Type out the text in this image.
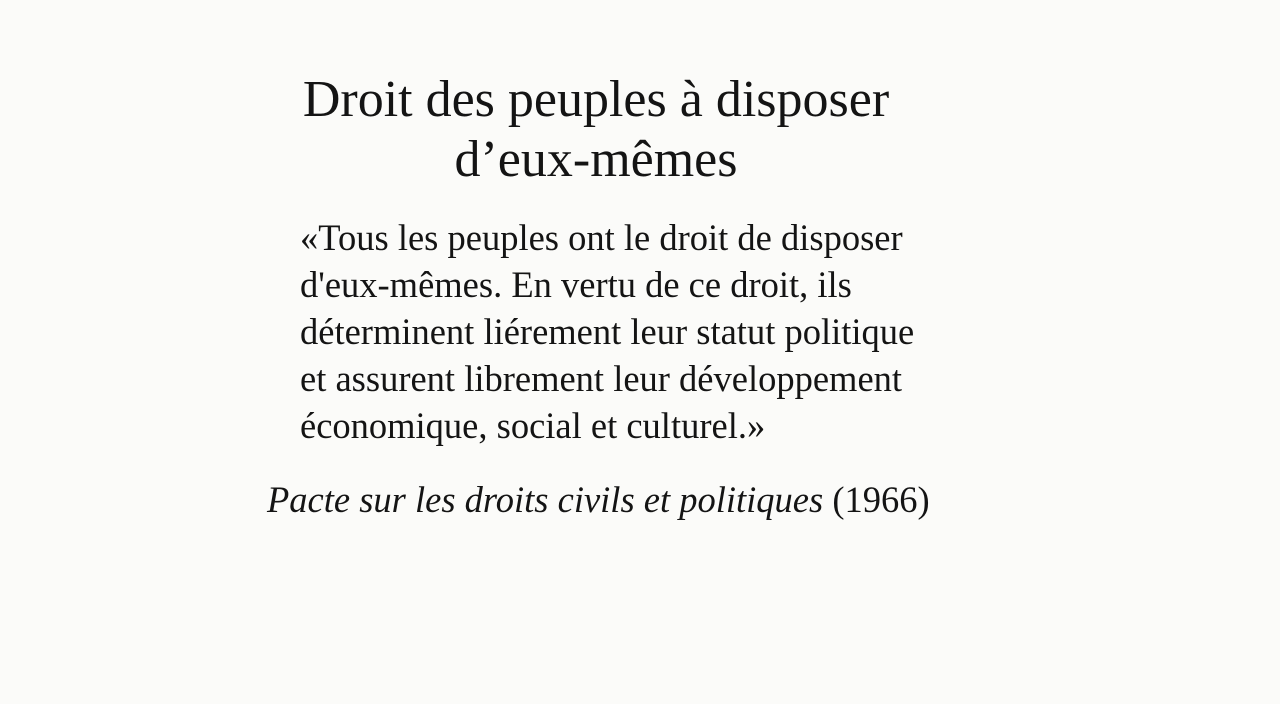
Droit des peuples à disposer
d’eux-mêmes
«Tous les peuples ont le droit de disposer
d'eux-mêmes. En vertu de ce droit, ils
déterminent liérement leur statut politique
et assurent librement leur développement
économique, social et culturel.»
Pacte sur les droits civils et politiques (1966)
